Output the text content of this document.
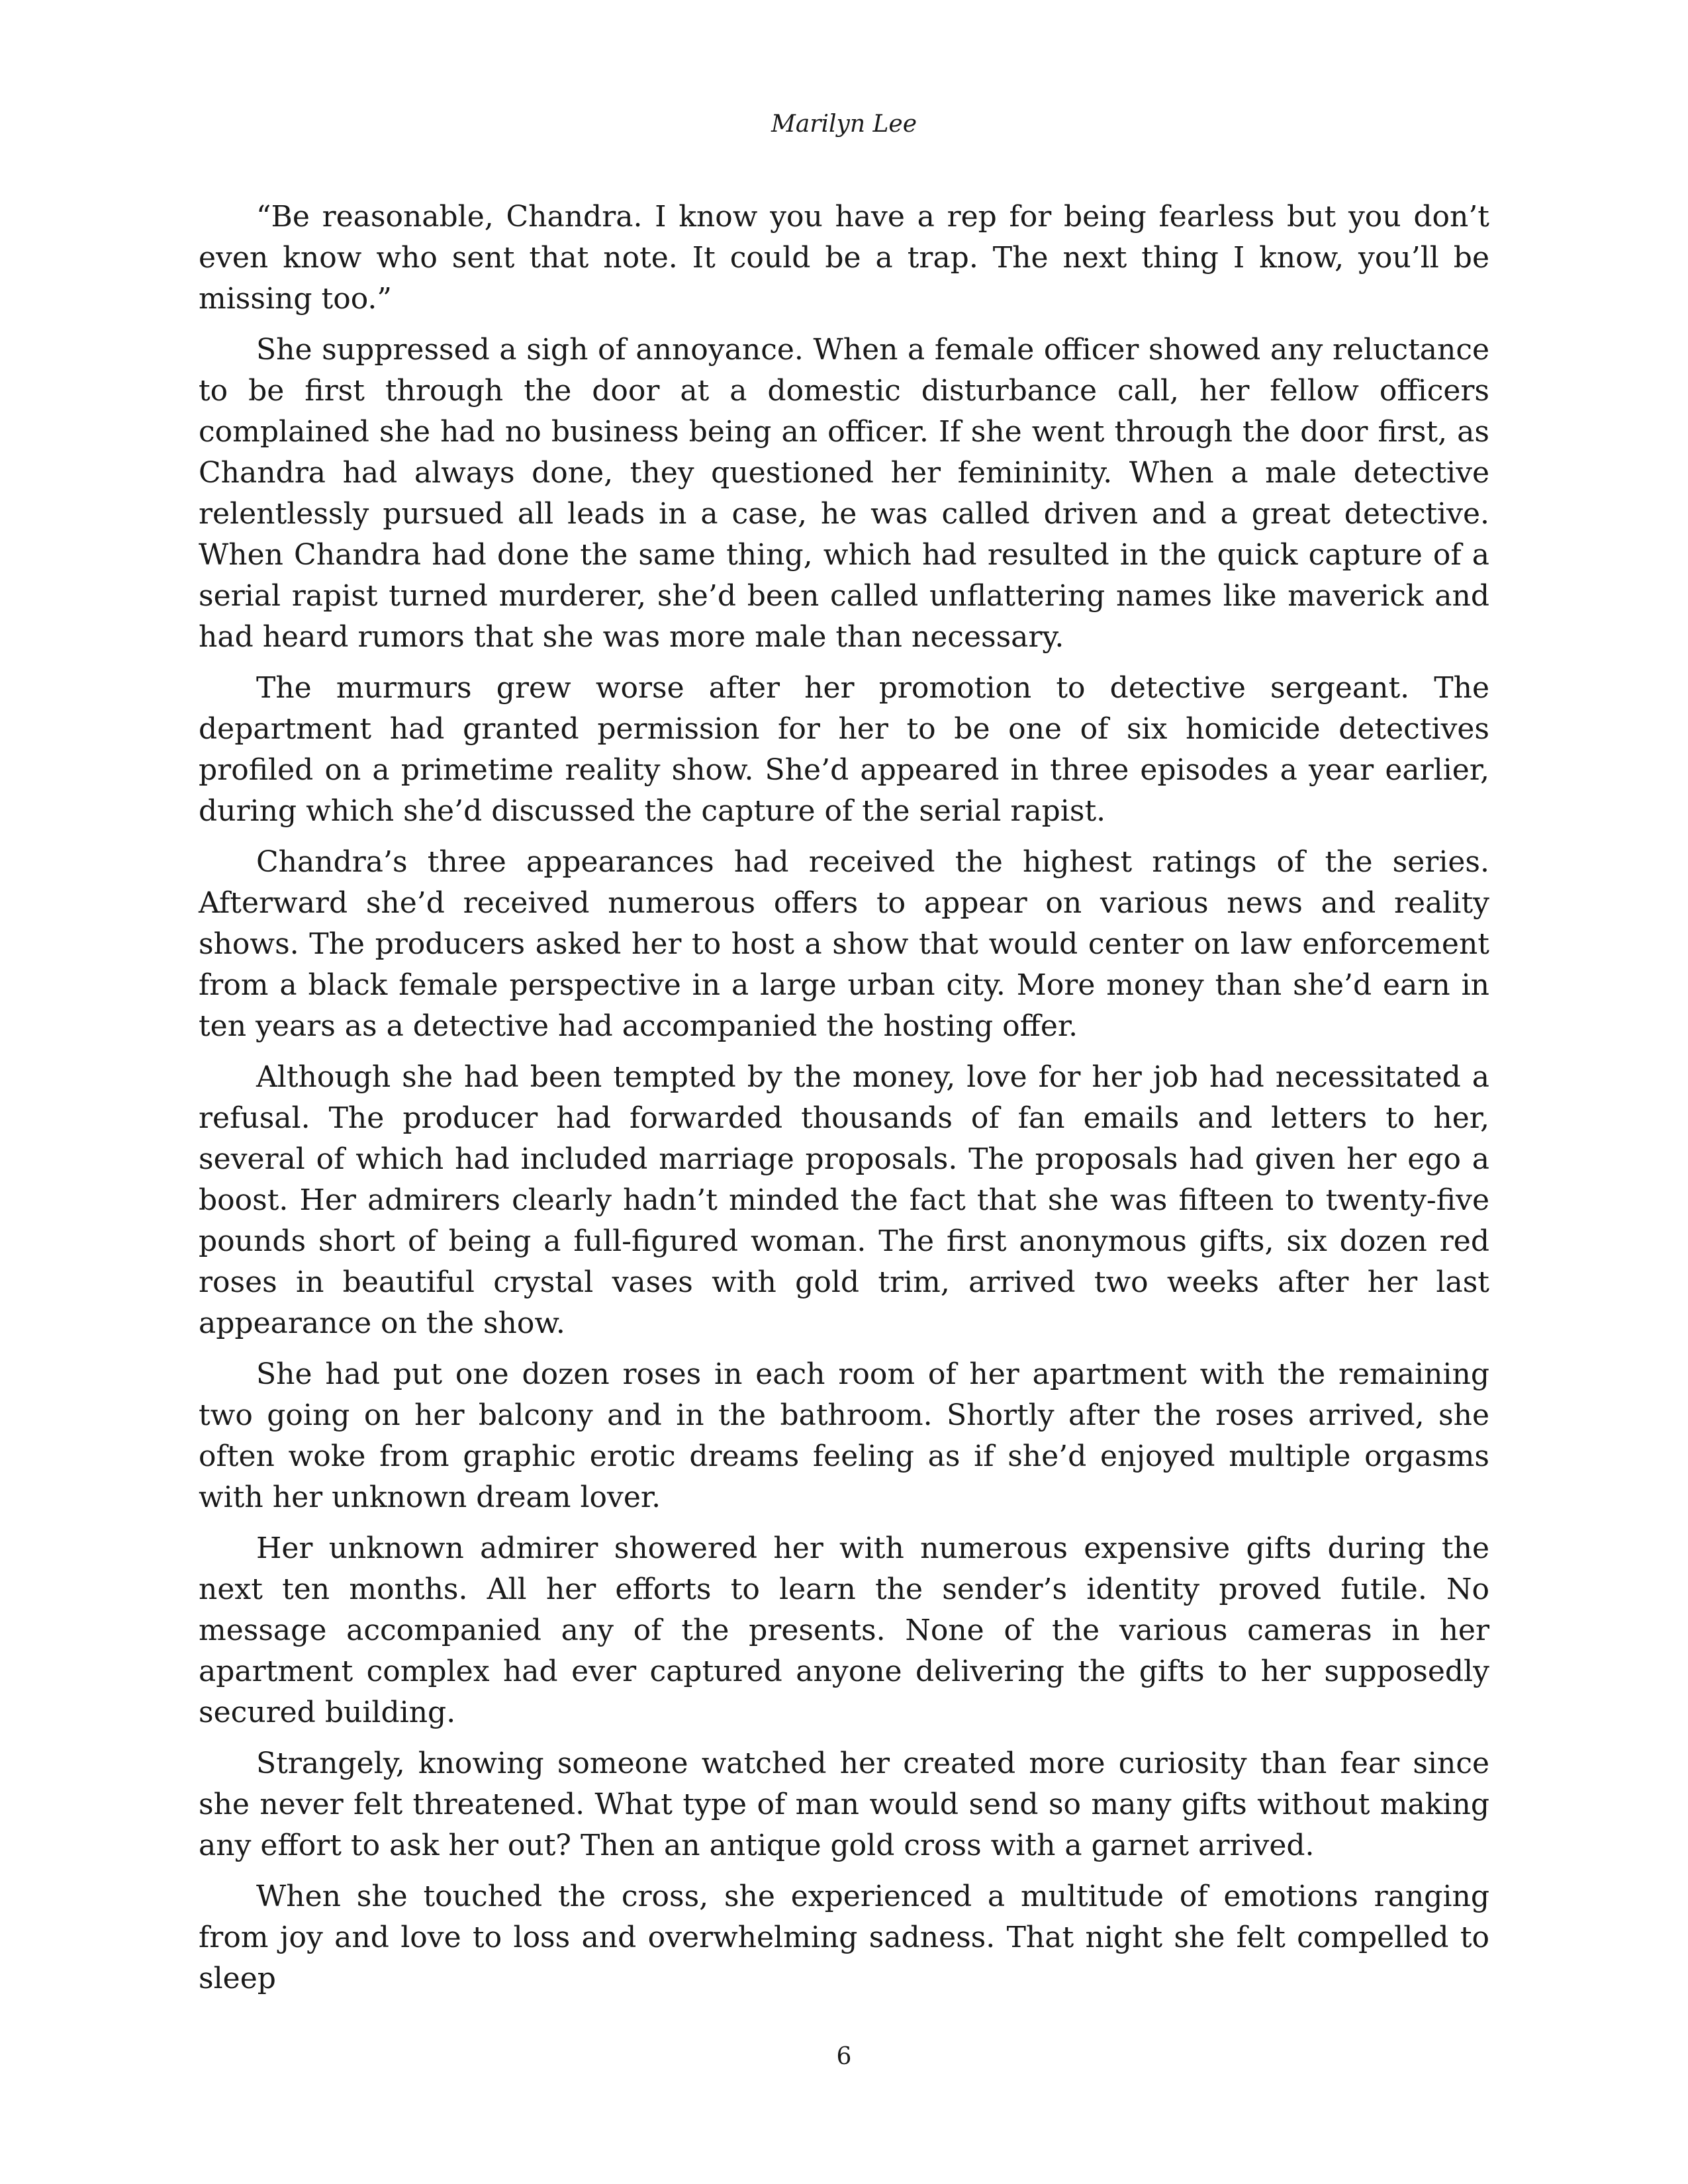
Marilyn Lee

“Be reasonable, Chandra. I know you have a rep for being fearless but you don’t even know who sent that note. It could be a trap. The next thing I know, you’ll be missing too.”

She suppressed a sigh of annoyance. When a female officer showed any reluctance to be first through the door at a domestic disturbance call, her fellow officers complained she had no business being an officer. If she went through the door first, as Chandra had always done, they questioned her femininity. When a male detective relentlessly pursued all leads in a case, he was called driven and a great detective. When Chandra had done the same thing, which had resulted in the quick capture of a serial rapist turned murderer, she’d been called unflattering names like maverick and had heard rumors that she was more male than necessary.

The murmurs grew worse after her promotion to detective sergeant. The department had granted permission for her to be one of six homicide detectives profiled on a primetime reality show. She’d appeared in three episodes a year earlier, during which she’d discussed the capture of the serial rapist.

Chandra’s three appearances had received the highest ratings of the series. Afterward she’d received numerous offers to appear on various news and reality shows. The producers asked her to host a show that would center on law enforcement from a black female perspective in a large urban city. More money than she’d earn in ten years as a detective had accompanied the hosting offer.

Although she had been tempted by the money, love for her job had necessitated a refusal. The producer had forwarded thousands of fan emails and letters to her, several of which had included marriage proposals. The proposals had given her ego a boost. Her admirers clearly hadn’t minded the fact that she was fifteen to twenty-five pounds short of being a full-figured woman. The first anonymous gifts, six dozen red roses in beautiful crystal vases with gold trim, arrived two weeks after her last appearance on the show.

She had put one dozen roses in each room of her apartment with the remaining two going on her balcony and in the bathroom. Shortly after the roses arrived, she often woke from graphic erotic dreams feeling as if she’d enjoyed multiple orgasms with her unknown dream lover.

Her unknown admirer showered her with numerous expensive gifts during the next ten months. All her efforts to learn the sender’s identity proved futile. No message accompanied any of the presents. None of the various cameras in her apartment complex had ever captured anyone delivering the gifts to her supposedly secured building.

Strangely, knowing someone watched her created more curiosity than fear since she never felt threatened. What type of man would send so many gifts without making any effort to ask her out? Then an antique gold cross with a garnet arrived.

When she touched the cross, she experienced a multitude of emotions ranging from joy and love to loss and overwhelming sadness. That night she felt compelled to sleep

6
